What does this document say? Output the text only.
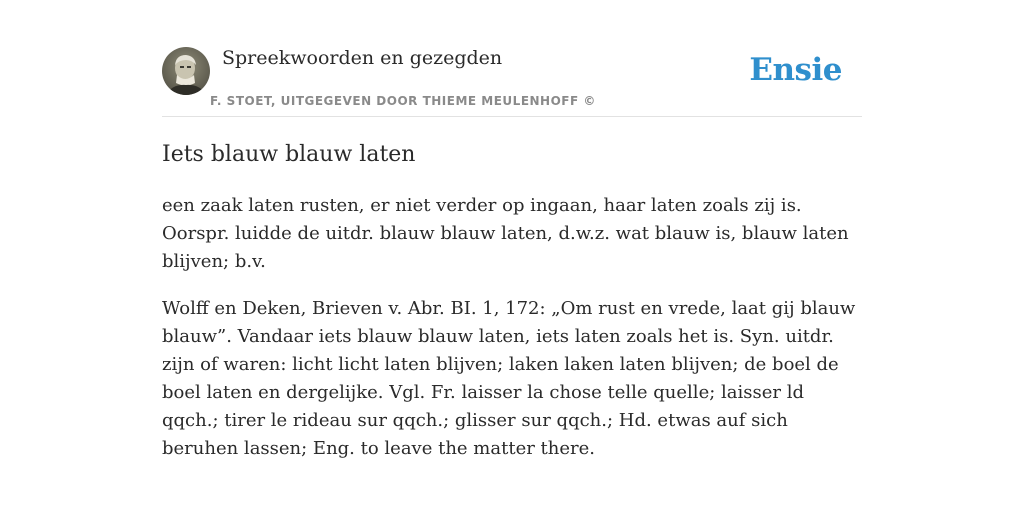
Spreekwoorden en gezegden
F. STOET, UITGEGEVEN DOOR THIEME MEULENHOFF ©
Ensie
Iets blauw blauw laten

een zaak laten rusten, er niet verder op ingaan, haar laten zoals zij is. Oorspr. luidde de uitdr. blauw blauw laten, d.w.z. wat blauw is, blauw laten blijven; b.v.

Wolff en Deken, Brieven v. Abr. BI. 1, 172: „Om rust en vrede, laat gij blauw blauw”. Vandaar iets blauw blauw laten, iets laten zoals het is. Syn. uitdr. zijn of waren: licht licht laten blijven; laken laken laten blijven; de boel de boel laten en dergelijke. Vgl. Fr. laisser la chose telle quelle; laisser ld qqch.; tirer le rideau sur qqch.; glisser sur qqch.; Hd. etwas auf sich beruhen lassen; Eng. to leave the matter there.
